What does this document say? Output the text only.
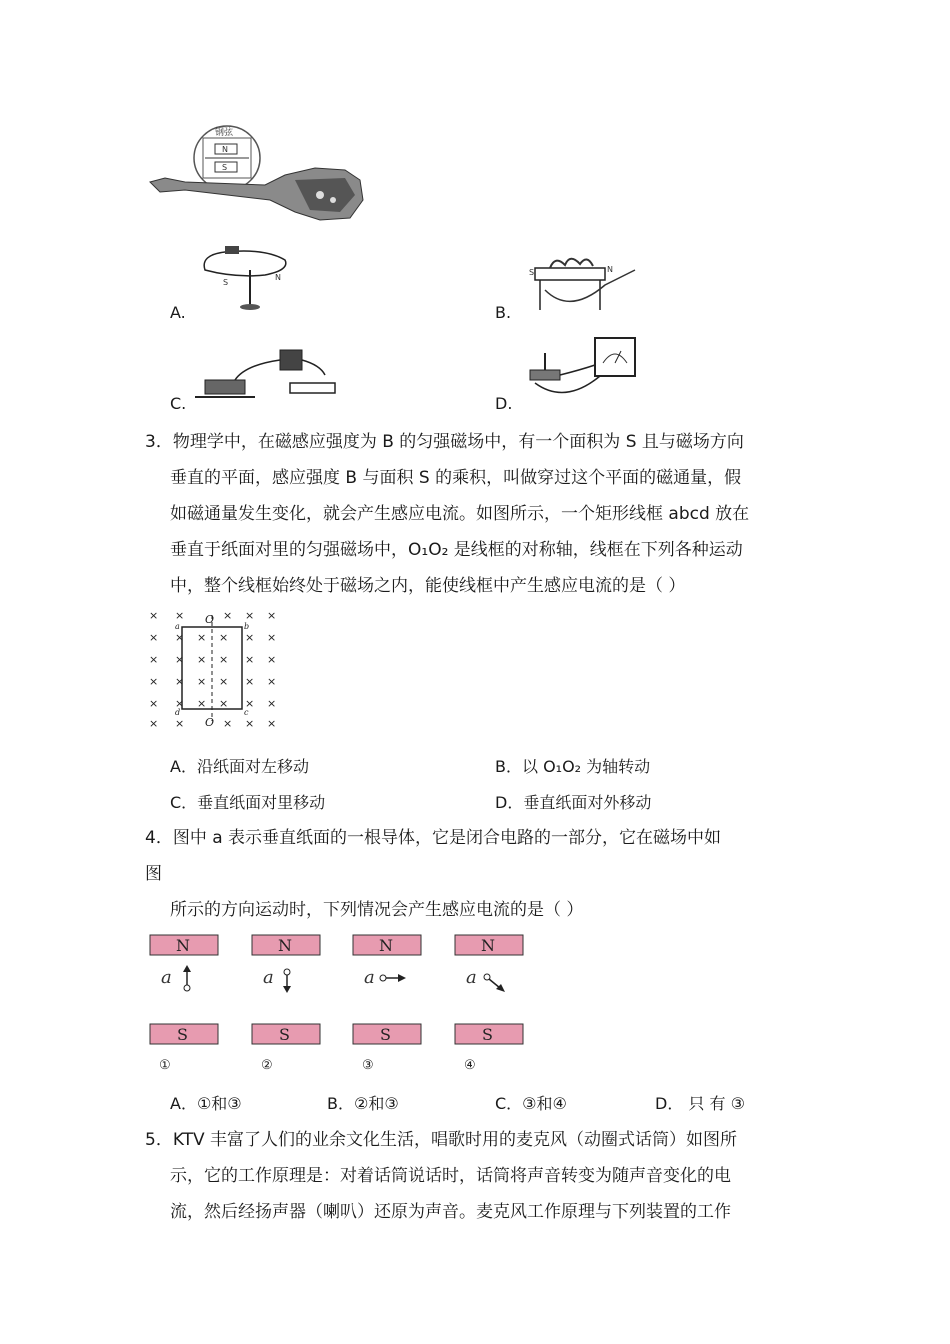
钢弦
N
S
S
N
A.
S	N
B.
C.	D.
3．物理学中，在磁感应强度为 B 的匀强磁场中，有一个面积为 S 且与磁场方向
垂直的平面，感应强度 B 与面积 S 的乘积，叫做穿过这个平面的磁通量，假
如磁通量发生变化，就会产生感应电流。如图所示，一个矩形线框 abcd 放在
垂直于纸面对里的匀强磁场中，O₁O₂ 是线框的对称轴，线框在下列各种运动
中，整个线框始终处于磁场之内，能使线框中产生感应电流的是（ ）
× ×	× × ×
× × × × × ×
× × × × × ×
× × × × × ×
× × × × × ×
× ×	× × ×
O
O
a	b
c
d
A．沿纸面对左移动	B．以 O₁O₂ 为轴转动
C．垂直纸面对里移动	D．垂直纸面对外移动
4．图中 a 表示垂直纸面的一根导体，它是闭合电路的一部分，它在磁场中如
图
所示的方向运动时，下列情况会产生感应电流的是（ ）
N
a
S
①
N
a
S
②
N
a
S
③
N
a
S
④
A．①和③	B．②和③	C．③和④	D． 只 有 ③
5．KTV 丰富了人们的业余文化生活，唱歌时用的麦克风（动圈式话筒）如图所
示，它的工作原理是：对着话筒说话时，话筒将声音转变为随声音变化的电
流，然后经扬声器（喇叭）还原为声音。麦克风工作原理与下列装置的工作
